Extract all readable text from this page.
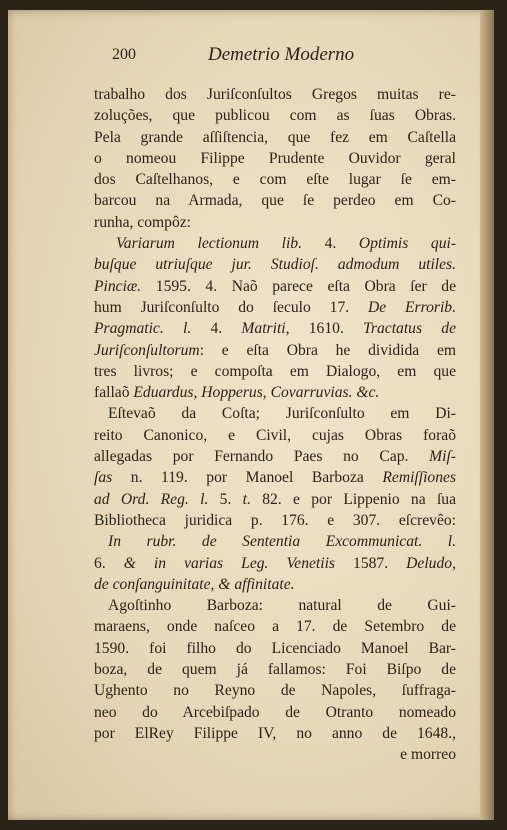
200	Demetrio Moderno
trabalho dos Juriſconſultos Gregos muitas re-
zoluções, que publicou com as ſuas Obras.
Pela grande aſſiſtencia, que fez em Caſtella
o nomeou Filippe Prudente Ouvidor geral
dos Caſtelhanos, e com eſte lugar ſe em-
barcou na Armada, que ſe perdeo em Co-
runha, compôz:
Variarum lectionum lib. 4. Optimis qui-
buſque utriuſque jur. Studioſ. admodum utiles.
Pinciæ. 1595. 4. Naõ parece eſta Obra ſer de
hum Juriſconſulto do ſeculo 17. De Errorib.
Pragmatic. l. 4. Matriti, 1610. Tractatus de
Juriſconſultorum: e eſta Obra he dividida em
tres livros; e compoſta em Dialogo, em que
fallaõ Eduardus, Hopperus, Covarruvias. &c.
Eſtevaõ da Coſta; Juriſconſulto em Di-
reito Canonico, e Civil, cujas Obras foraõ
allegadas por Fernando Paes no Cap. Miſ-
ſas n. 119. por Manoel Barboza Remiſſiones
ad Ord. Reg. l. 5. t. 82. e por Lippenio na ſua
Bibliotheca juridica p. 176. e 307. eſcrevêo:
In rubr. de Sententia Excommunicat. l.
6. & in varias Leg. Venetiis 1587. Deludo,
de conſanguinitate, & affinitate.
Agoſtinho Barboza: natural de Gui-
maraens, onde naſceo a 17. de Setembro de
1590. foi filho do Licenciado Manoel Bar-
boza, de quem já fallamos: Foi Biſpo de
Ughento no Reyno de Napoles, ſuffraga-
neo do Arcebiſpado de Otranto nomeado
por ElRey Filippe IV, no anno de 1648.,
e morreo
